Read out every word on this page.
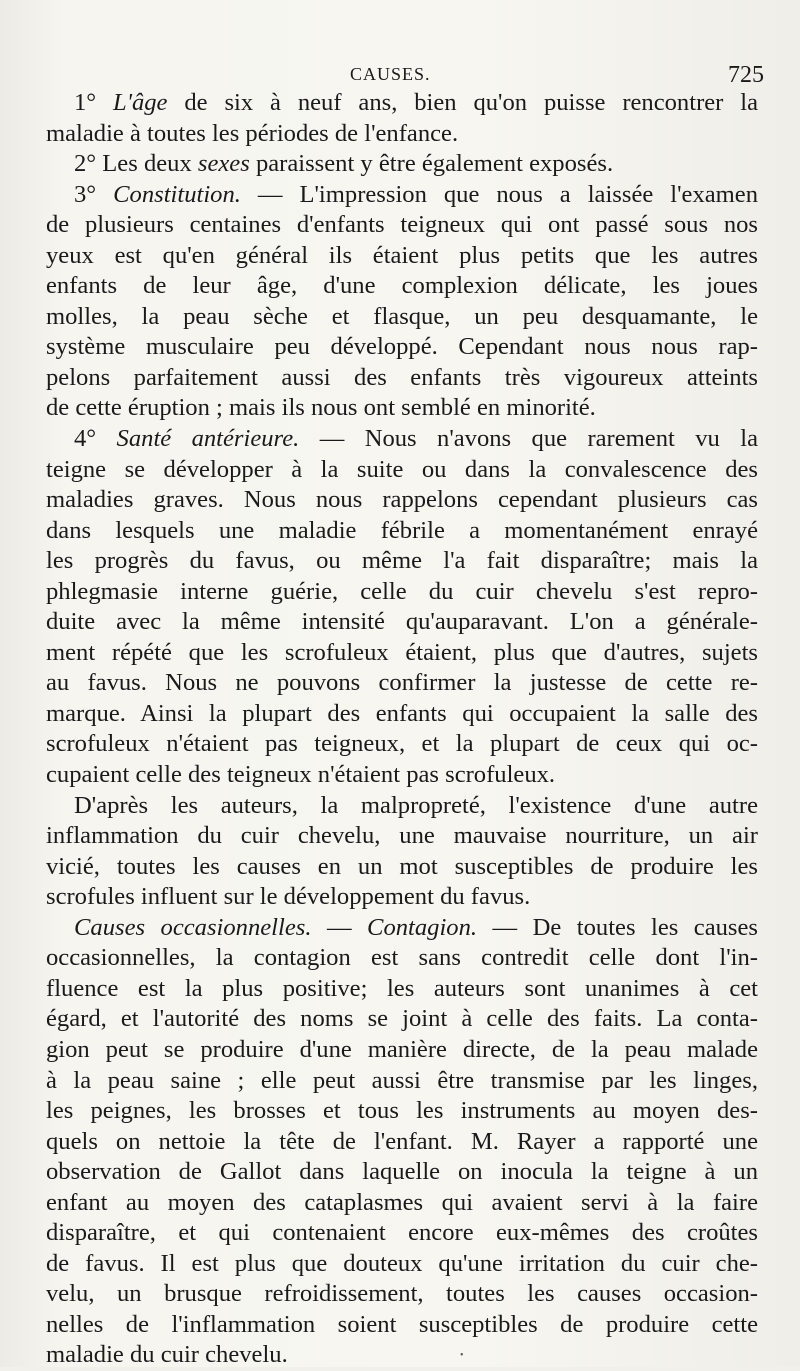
CAUSES.	725
1° L'âge de six à neuf ans, bien qu'on puisse rencontrer la
maladie à toutes les périodes de l'enfance.
2° Les deux sexes paraissent y être également exposés.
3° Constitution. — L'impression que nous a laissée l'examen
de plusieurs centaines d'enfants teigneux qui ont passé sous nos
yeux est qu'en général ils étaient plus petits que les autres
enfants de leur âge, d'une complexion délicate, les joues
molles, la peau sèche et flasque, un peu desquamante, le
système musculaire peu développé. Cependant nous nous rap-
pelons parfaitement aussi des enfants très vigoureux atteints
de cette éruption ; mais ils nous ont semblé en minorité.
4° Santé antérieure. — Nous n'avons que rarement vu la
teigne se développer à la suite ou dans la convalescence des
maladies graves. Nous nous rappelons cependant plusieurs cas
dans lesquels une maladie fébrile a momentanément enrayé
les progrès du favus, ou même l'a fait disparaître; mais la
phlegmasie interne guérie, celle du cuir chevelu s'est repro-
duite avec la même intensité qu'auparavant. L'on a générale-
ment répété que les scrofuleux étaient, plus que d'autres, sujets
au favus. Nous ne pouvons confirmer la justesse de cette re-
marque. Ainsi la plupart des enfants qui occupaient la salle des
scrofuleux n'étaient pas teigneux, et la plupart de ceux qui oc-
cupaient celle des teigneux n'étaient pas scrofuleux.
D'après les auteurs, la malpropreté, l'existence d'une autre
inflammation du cuir chevelu, une mauvaise nourriture, un air
vicié, toutes les causes en un mot susceptibles de produire les
scrofules influent sur le développement du favus.
Causes occasionnelles. — Contagion. — De toutes les causes
occasionnelles, la contagion est sans contredit celle dont l'in-
fluence est la plus positive; les auteurs sont unanimes à cet
égard, et l'autorité des noms se joint à celle des faits. La conta-
gion peut se produire d'une manière directe, de la peau malade
à la peau saine ; elle peut aussi être transmise par les linges,
les peignes, les brosses et tous les instruments au moyen des-
quels on nettoie la tête de l'enfant. M. Rayer a rapporté une
observation de Gallot dans laquelle on inocula la teigne à un
enfant au moyen des cataplasmes qui avaient servi à la faire
disparaître, et qui contenaient encore eux-mêmes des croûtes
de favus. Il est plus que douteux qu'une irritation du cuir che-
velu, un brusque refroidissement, toutes les causes occasion-
nelles de l'inflammation soient susceptibles de produire cette
maladie du cuir chevelu.	•
